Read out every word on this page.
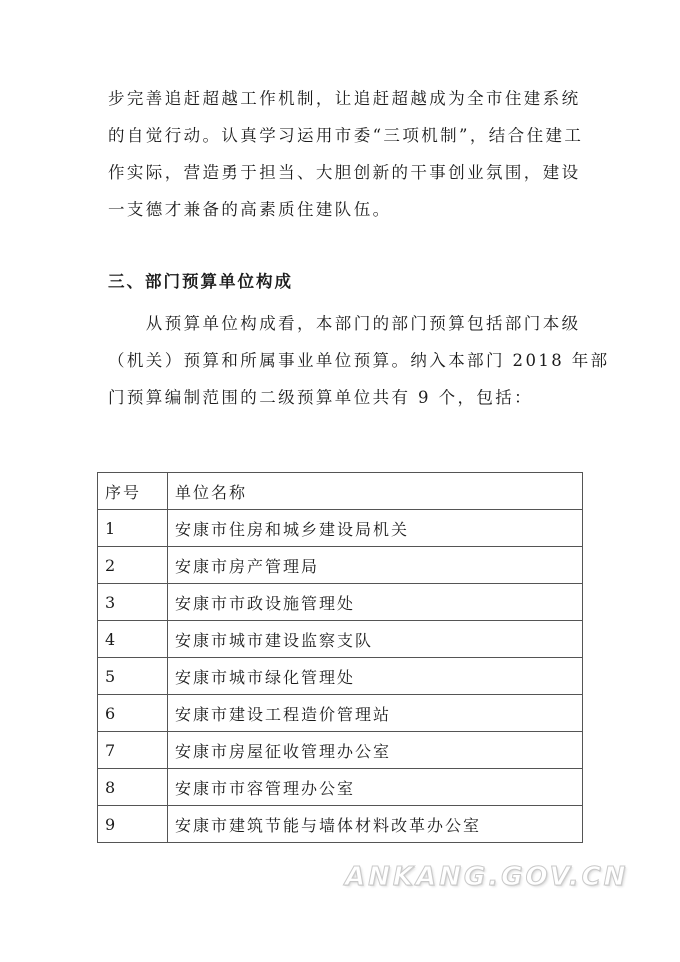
步完善追赶超越工作机制，让追赶超越成为全市住建系统
的自觉行动。认真学习运用市委“三项机制”，结合住建工
作实际，营造勇于担当、大胆创新的干事创业氛围，建设
一支德才兼备的高素质住建队伍。
三、部门预算单位构成
　　从预算单位构成看，本部门的部门预算包括部门本级
（机关）预算和所属事业单位预算。纳入本部门 2018 年部
门预算编制范围的二级预算单位共有 9 个，包括：
序号	单位名称
1	安康市住房和城乡建设局机关
2	安康市房产管理局
3	安康市市政设施管理处
4	安康市城市建设监察支队
5	安康市城市绿化管理处
6	安康市建设工程造价管理站
7	安康市房屋征收管理办公室
8	安康市市容管理办公室
9	安康市建筑节能与墙体材料改革办公室
ANKANG.GOV.CN
